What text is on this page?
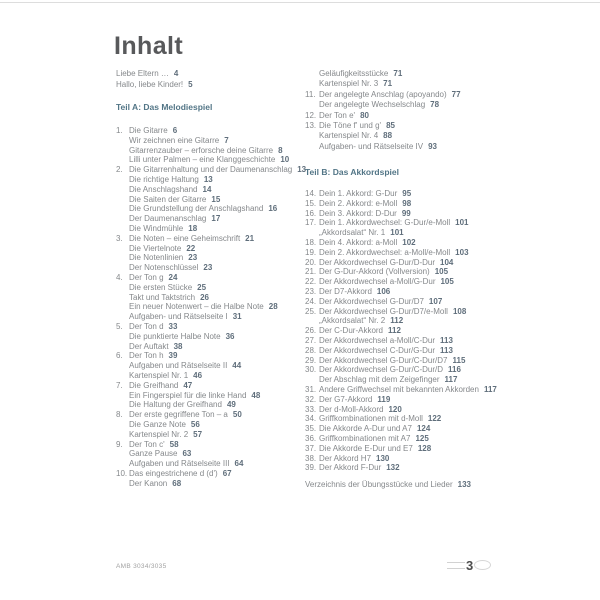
Inhalt
Liebe Eltern … 4
Hallo, liebe Kinder! 5
Teil A: Das Melodiespiel
1. Die Gitarre 6
Wir zeichnen eine Gitarre 7
Gitarrenzauber – erforsche deine Gitarre 8
Lilli unter Palmen – eine Klanggeschichte 10
2. Die Gitarrenhaltung und der Daumenanschlag 13
Die richtige Haltung 13
Die Anschlagshand 14
Die Saiten der Gitarre 15
Die Grundstellung der Anschlagshand 16
Der Daumenanschlag 17
Die Windmühle 18
3. Die Noten – eine Geheimschrift 21
Die Viertelnote 22
Die Notenlinien 23
Der Notenschlüssel 23
4. Der Ton g 24
Die ersten Stücke 25
Takt und Taktstrich 26
Ein neuer Notenwert – die Halbe Note 28
Aufgaben- und Rätselseite I 31
5. Der Ton d 33
Die punktierte Halbe Note 36
Der Auftakt 38
6. Der Ton h 39
Aufgaben und Rätselseite II 44
Kartenspiel Nr. 1 46
7. Die Greifhand 47
Ein Fingerspiel für die linke Hand 48
Die Haltung der Greifhand 49
8. Der erste gegriffene Ton – a 50
Die Ganze Note 56
Kartenspiel Nr. 2 57
9. Der Ton c' 58
Ganze Pause 63
Aufgaben und Rätselseite III 64
10. Das eingestrichene d (d') 67
Der Kanon 68
Geläufigkeitsstücke 71
Kartenspiel Nr. 3 71
11. Der angelegte Anschlag (apoyando) 77
Der angelegte Wechselschlag 78
12. Der Ton e' 80
13. Die Töne f' und g' 85
Kartenspiel Nr. 4 88
Aufgaben- und Rätselseite IV 93
Teil B: Das Akkordspiel
14. Dein 1. Akkord: G-Dur 95
15. Dein 2. Akkord: e-Moll 98
16. Dein 3. Akkord: D-Dur 99
17. Dein 1. Akkordwechsel: G-Dur/e-Moll 101
„Akkordsalat“ Nr. 1 101
18. Dein 4. Akkord: a-Moll 102
19. Dein 2. Akkordwechsel: a-Moll/e-Moll 103
20. Der Akkordwechsel G-Dur/D-Dur 104
21. Der G-Dur-Akkord (Vollversion) 105
22. Der Akkordwechsel a-Moll/G-Dur 105
23. Der D7-Akkord 106
24. Der Akkordwechsel G-Dur/D7 107
25. Der Akkordwechsel G-Dur/D7/e-Moll 108
„Akkordsalat“ Nr. 2 112
26. Der C-Dur-Akkord 112
27. Der Akkordwechsel a-Moll/C-Dur 113
28. Der Akkordwechsel C-Dur/G-Dur 113
29. Der Akkordwechsel G-Dur/C-Dur/D7 115
30. Der Akkordwechsel G-Dur/C-Dur/D 116
Der Abschlag mit dem Zeigefinger 117
31. Andere Griffwechsel mit bekannten Akkorden 117
32. Der G7-Akkord 119
33. Der d-Moll-Akkord 120
34. Griffkombinationen mit d-Moll 122
35. Die Akkorde A-Dur und A7 124
36. Griffkombinationen mit A7 125
37. Die Akkorde E-Dur und E7 128
38. Der Akkord H7 130
39. Der Akkord F-Dur 132
Verzeichnis der Übungsstücke und Lieder 133
AMB 3034/3035	3
